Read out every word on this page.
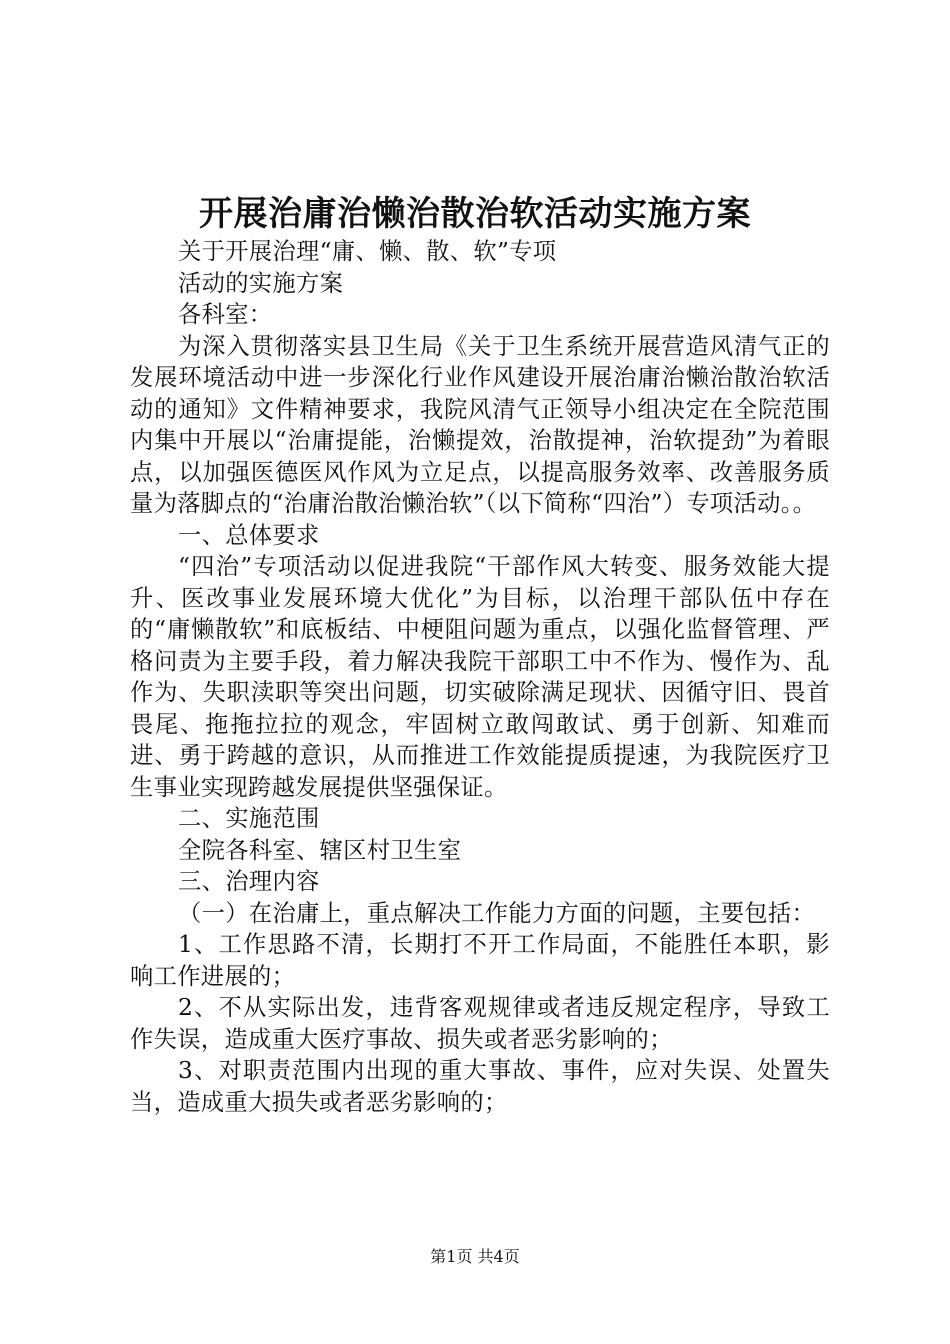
开展治庸治懒治散治软活动实施方案

关于开展治理“庸、懒、散、软”专项

活动的实施方案

各科室：

为深入贯彻落实县卫生局《关于卫生系统开展营造风清气正的发展环境活动中进一步深化行业作风建设开展治庸治懒治散治软活动的通知》文件精神要求，我院风清气正领导小组决定在全院范围内集中开展以“治庸提能，治懒提效，治散提神，治软提劲”为着眼点，以加强医德医风作风为立足点，以提高服务效率、改善服务质量为落脚点的“治庸治散治懒治软”（以下简称“四治”）专项活动。。

一、总体要求

“四治”专项活动以促进我院“干部作风大转变、服务效能大提升、医改事业发展环境大优化”为目标，以治理干部队伍中存在的“庸懒散软”和底板结、中梗阻问题为重点，以强化监督管理、严格问责为主要手段，着力解决我院干部职工中不作为、慢作为、乱作为、失职渎职等突出问题，切实破除满足现状、因循守旧、畏首畏尾、拖拖拉拉的观念，牢固树立敢闯敢试、勇于创新、知难而进、勇于跨越的意识，从而推进工作效能提质提速，为我院医疗卫生事业实现跨越发展提供坚强保证。

二、实施范围

全院各科室、辖区村卫生室

三、治理内容

（一）在治庸上，重点解决工作能力方面的问题，主要包括：

1、工作思路不清，长期打不开工作局面，不能胜任本职，影响工作进展的；

2、不从实际出发，违背客观规律或者违反规定程序，导致工作失误，造成重大医疗事故、损失或者恶劣影响的；

3、对职责范围内出现的重大事故、事件，应对失误、处置失当，造成重大损失或者恶劣影响的；

第1页 共4页
